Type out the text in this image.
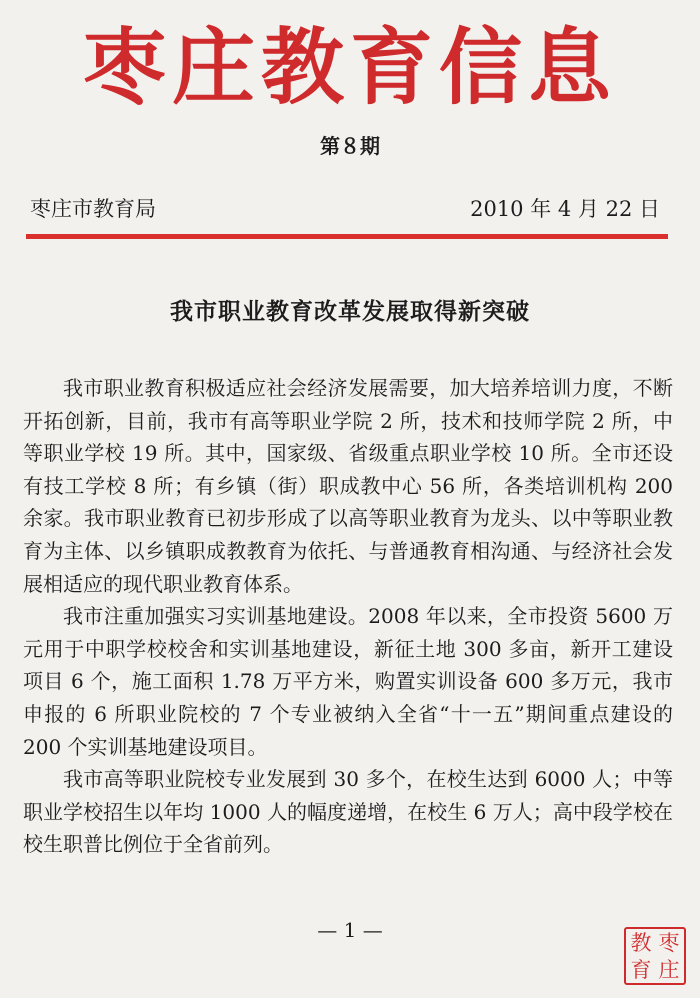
枣庄教育信息
第８期
枣庄市教育局	2010 年 4 月 22 日
我市职业教育改革发展取得新突破

我市职业教育积极适应社会经济发展需要，加大培养培训力度，不断开拓创新，目前，我市有高等职业学院 2 所，技术和技师学院 2 所，中等职业学校 19 所。其中，国家级、省级重点职业学校 10 所。全市还设有技工学校 8 所；有乡镇（街）职成教中心 56 所，各类培训机构 200 余家。我市职业教育已初步形成了以高等职业教育为龙头、以中等职业教育为主体、以乡镇职成教教育为依托、与普通教育相沟通、与经济社会发展相适应的现代职业教育体系。

我市注重加强实习实训基地建设。2008 年以来，全市投资 5600 万元用于中职学校校舍和实训基地建设，新征土地 300 多亩，新开工建设项目 6 个，施工面积 1.78 万平方米，购置实训设备 600 多万元，我市申报的 6 所职业院校的 7 个专业被纳入全省“十一五”期间重点建设的 200 个实训基地建设项目。

我市高等职业院校专业发展到 30 多个，在校生达到 6000 人；中等职业学校招生以年均 1000 人的幅度递增，在校生 6 万人；高中段学校在校生职普比例位于全省前列。

— 1 —
教 枣
育 庄
